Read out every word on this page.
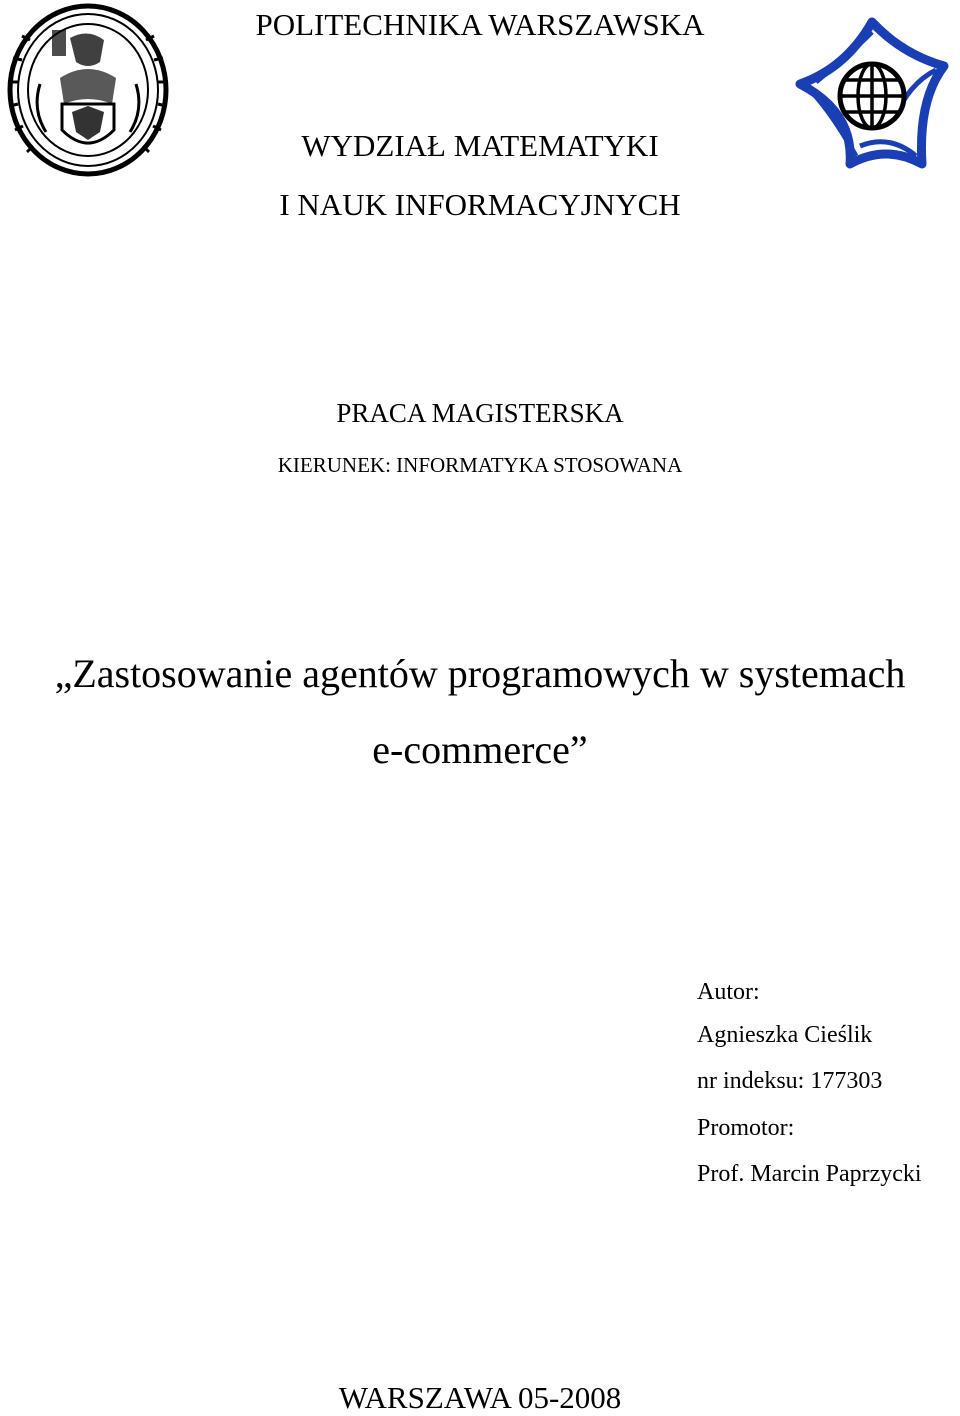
POLITECHNIKA WARSZAWSKA
WYDZIAŁ MATEMATYKI
I NAUK INFORMACYJNYCH
PRACA MAGISTERSKA
KIERUNEK: INFORMATYKA STOSOWANA
„Zastosowanie agentów programowych w systemach
e-commerce”
Autor:
Agnieszka Cieślik
nr indeksu: 177303
Promotor:
Prof. Marcin Paprzycki
WARSZAWA 05-2008
